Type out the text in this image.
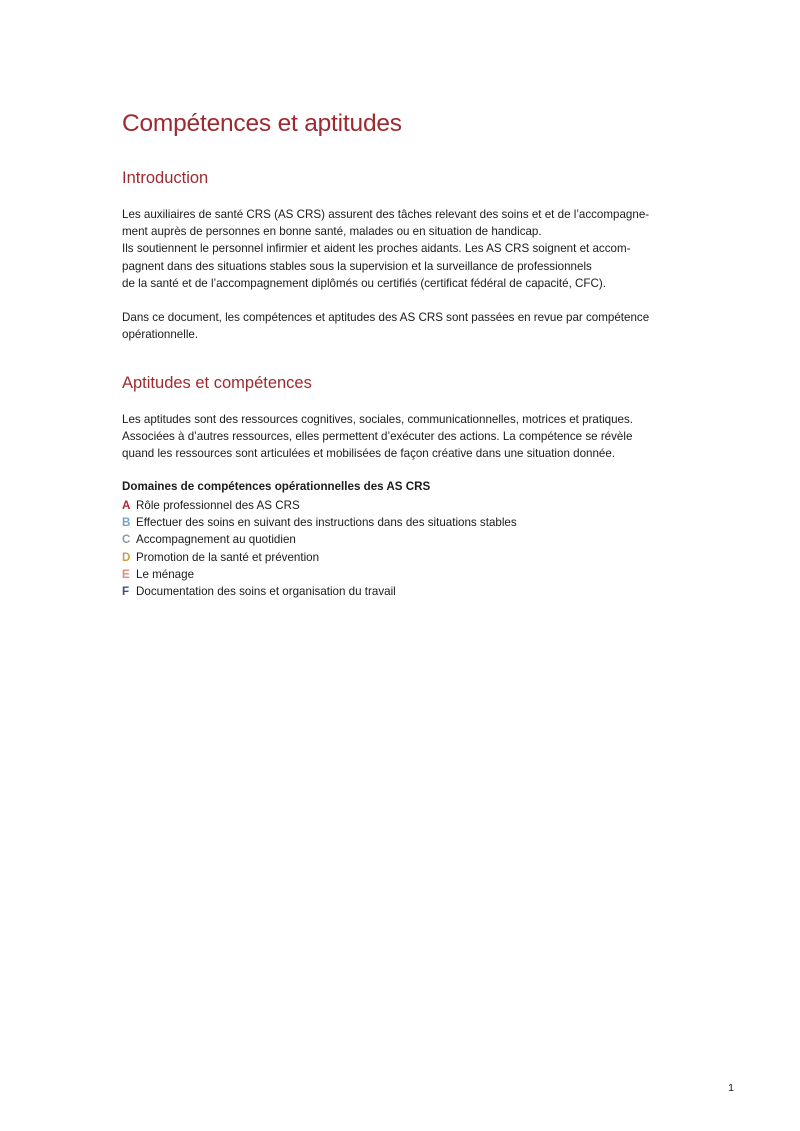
Compétences et aptitudes
Introduction

Les auxiliaires de santé CRS (AS CRS) assurent des tâches relevant des soins et et de l’accompagne-
ment auprès de personnes en bonne santé, malades ou en situation de handicap.
Ils soutiennent le personnel infirmier et aident les proches aidants. Les AS CRS soignent et accom-
pagnent dans des situations stables sous la supervision et la surveillance de professionnels
de la santé et de l’accompagnement diplômés ou certifiés (certificat fédéral de capacité, CFC).

Dans ce document, les compétences et aptitudes des AS CRS sont passées en revue par compétence
opérationnelle.

Aptitudes et compétences

Les aptitudes sont des ressources cognitives, sociales, communicationnelles, motrices et pratiques.
Associées à d’autres ressources, elles permettent d’exécuter des actions. La compétence se révèle
quand les ressources sont articulées et mobilisées de façon créative dans une situation donnée.

Domaines de compétences opérationnelles des AS CRS

A Rôle professionnel des AS CRS
B Effectuer des soins en suivant des instructions dans des situations stables
C Accompagnement au quotidien
D Promotion de la santé et prévention
E Le ménage
F Documentation des soins et organisation du travail
1
